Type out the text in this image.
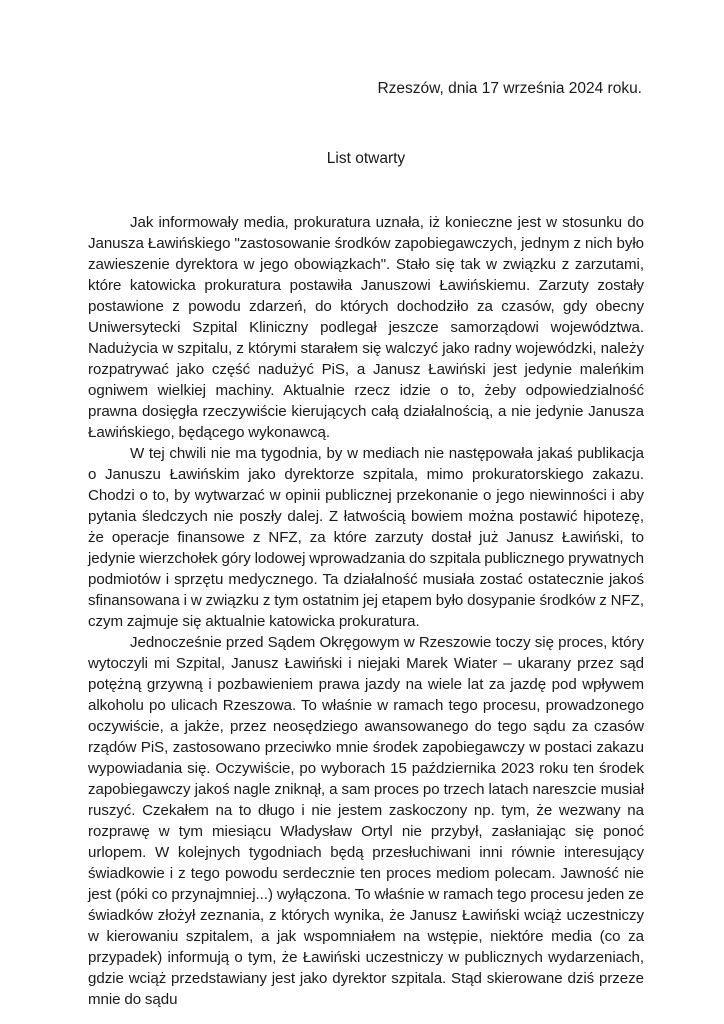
Rzeszów, dnia 17 września 2024 roku.

List otwarty

Jak informowały media, prokuratura uznała, iż konieczne jest w stosunku do Janusza Ławińskiego "zastosowanie środków zapobiegawczych, jednym z nich było zawieszenie dyrektora w jego obowiązkach". Stało się tak w związku z zarzutami, które katowicka prokuratura postawiła Januszowi Ławińskiemu. Zarzuty zostały postawione z powodu zdarzeń, do których dochodziło za czasów, gdy obecny Uniwersytecki Szpital Kliniczny podlegał jeszcze samorządowi województwa. Nadużycia w szpitalu, z którymi starałem się walczyć jako radny wojewódzki, należy rozpatrywać jako część nadużyć PiS, a Janusz Ławiński jest jedynie maleńkim ogniwem wielkiej machiny. Aktualnie rzecz idzie o to, żeby odpowiedzialność prawna dosięgła rzeczywiście kierujących całą działalnością, a nie jedynie Janusza Ławińskiego, będącego wykonawcą.

W tej chwili nie ma tygodnia, by w mediach nie następowała jakaś publikacja o Januszu Ławińskim jako dyrektorze szpitala, mimo prokuratorskiego zakazu. Chodzi o to, by wytwarzać w opinii publicznej przekonanie o jego niewinności i aby pytania śledczych nie poszły dalej. Z łatwością bowiem można postawić hipotezę, że operacje finansowe z NFZ, za które zarzuty dostał już Janusz Ławiński, to jedynie wierzchołek góry lodowej wprowadzania do szpitala publicznego prywatnych podmiotów i sprzętu medycznego. Ta działalność musiała zostać ostatecznie jakoś sfinansowana i w związku z tym ostatnim jej etapem było dosypanie środków z NFZ, czym zajmuje się aktualnie katowicka prokuratura.

Jednocześnie przed Sądem Okręgowym w Rzeszowie toczy się proces, który wytoczyli mi Szpital, Janusz Ławiński i niejaki Marek Wiater – ukarany przez sąd potężną grzywną i pozbawieniem prawa jazdy na wiele lat za jazdę pod wpływem alkoholu po ulicach Rzeszowa. To właśnie w ramach tego procesu, prowadzonego oczywiście, a jakże, przez neosędziego awansowanego do tego sądu za czasów rządów PiS, zastosowano przeciwko mnie środek zapobiegawczy w postaci zakazu wypowiadania się. Oczywiście, po wyborach 15 października 2023 roku ten środek zapobiegawczy jakoś nagle zniknął, a sam proces po trzech latach nareszcie musiał ruszyć. Czekałem na to długo i nie jestem zaskoczony np. tym, że wezwany na rozprawę w tym miesiącu Władysław Ortyl nie przybył, zasłaniając się ponoć urlopem. W kolejnych tygodniach będą przesłuchiwani inni równie interesujący świadkowie i z tego powodu serdecznie ten proces mediom polecam. Jawność nie jest (póki co przynajmniej...) wyłączona. To właśnie w ramach tego procesu jeden ze świadków złożył zeznania, z których wynika, że Janusz Ławiński wciąż uczestniczy w kierowaniu szpitalem, a jak wspomniałem na wstępie, niektóre media (co za przypadek) informują o tym, że Ławiński uczestniczy w publicznych wydarzeniach, gdzie wciąż przedstawiany jest jako dyrektor szpitala. Stąd skierowane dziś przeze mnie do sądu
